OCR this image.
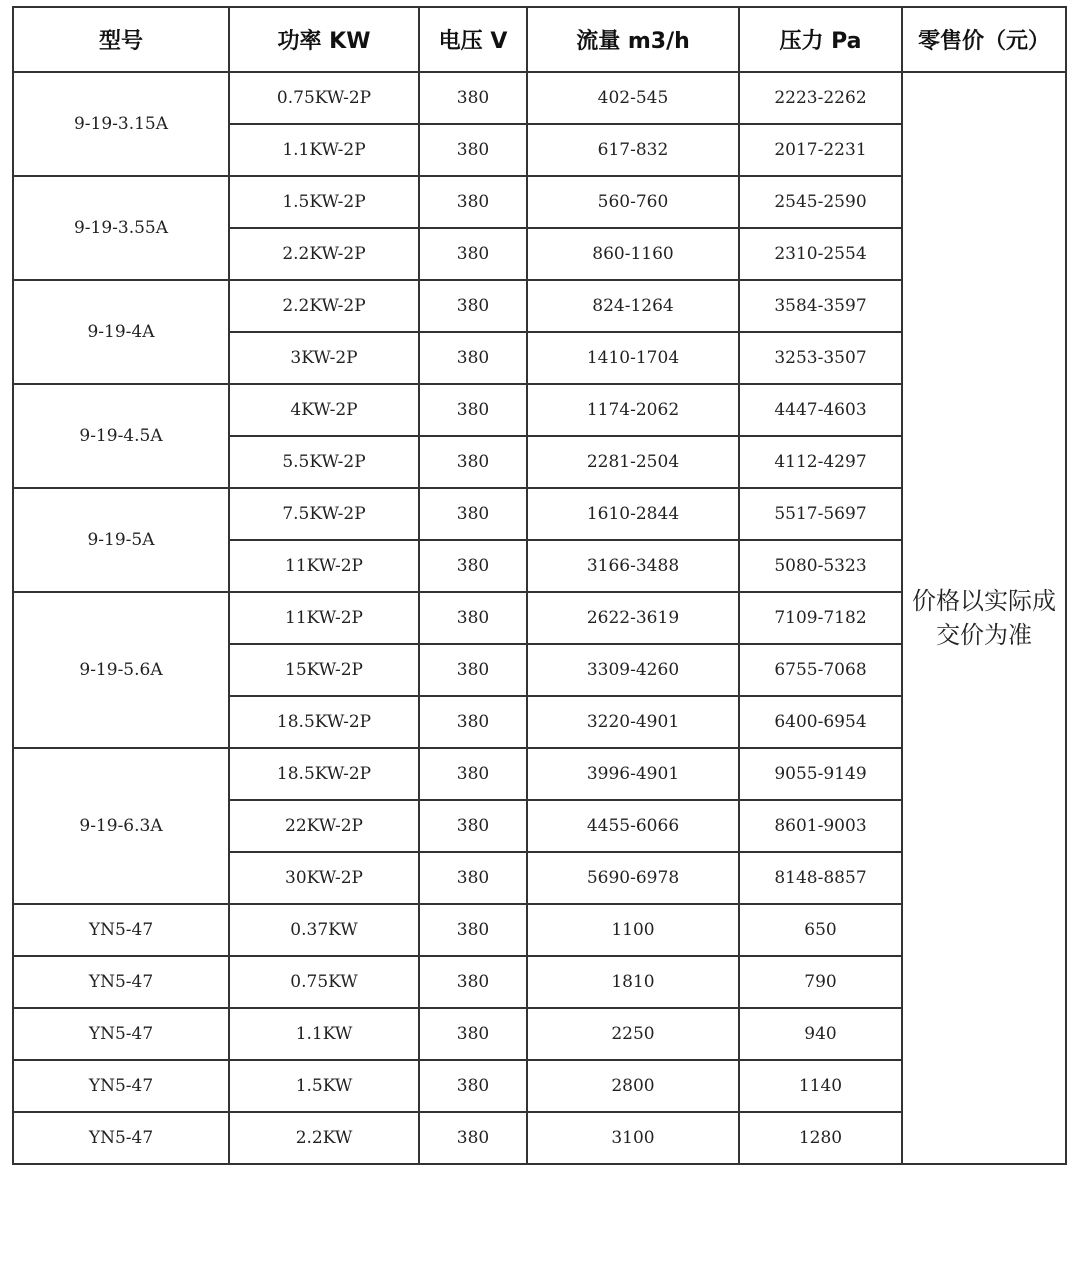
型号	功率 KW	电压 V	流量 m3/h	压力 Pa	零售价（元）
9-19-3.15A	0.75KW-2P	380	402-545	2223-2262	价格以实际成交价为准
	1.1KW-2P	380	617-832	2017-2231	
9-19-3.55A	1.5KW-2P	380	560-760	2545-2590	
	2.2KW-2P	380	860-1160	2310-2554	
9-19-4A	2.2KW-2P	380	824-1264	3584-3597	
	3KW-2P	380	1410-1704	3253-3507	
9-19-4.5A	4KW-2P	380	1174-2062	4447-4603	
	5.5KW-2P	380	2281-2504	4112-4297	
9-19-5A	7.5KW-2P	380	1610-2844	5517-5697	
	11KW-2P	380	3166-3488	5080-5323	
9-19-5.6A	11KW-2P	380	2622-3619	7109-7182	
	15KW-2P	380	3309-4260	6755-7068	
	18.5KW-2P	380	3220-4901	6400-6954	
9-19-6.3A	18.5KW-2P	380	3996-4901	9055-9149	
	22KW-2P	380	4455-6066	8601-9003	
	30KW-2P	380	5690-6978	8148-8857	
YN5-47	0.37KW	380	1100	650	
YN5-47	0.75KW	380	1810	790	
YN5-47	1.1KW	380	2250	940	
YN5-47	1.5KW	380	2800	1140	
YN5-47	2.2KW	380	3100	1280	
